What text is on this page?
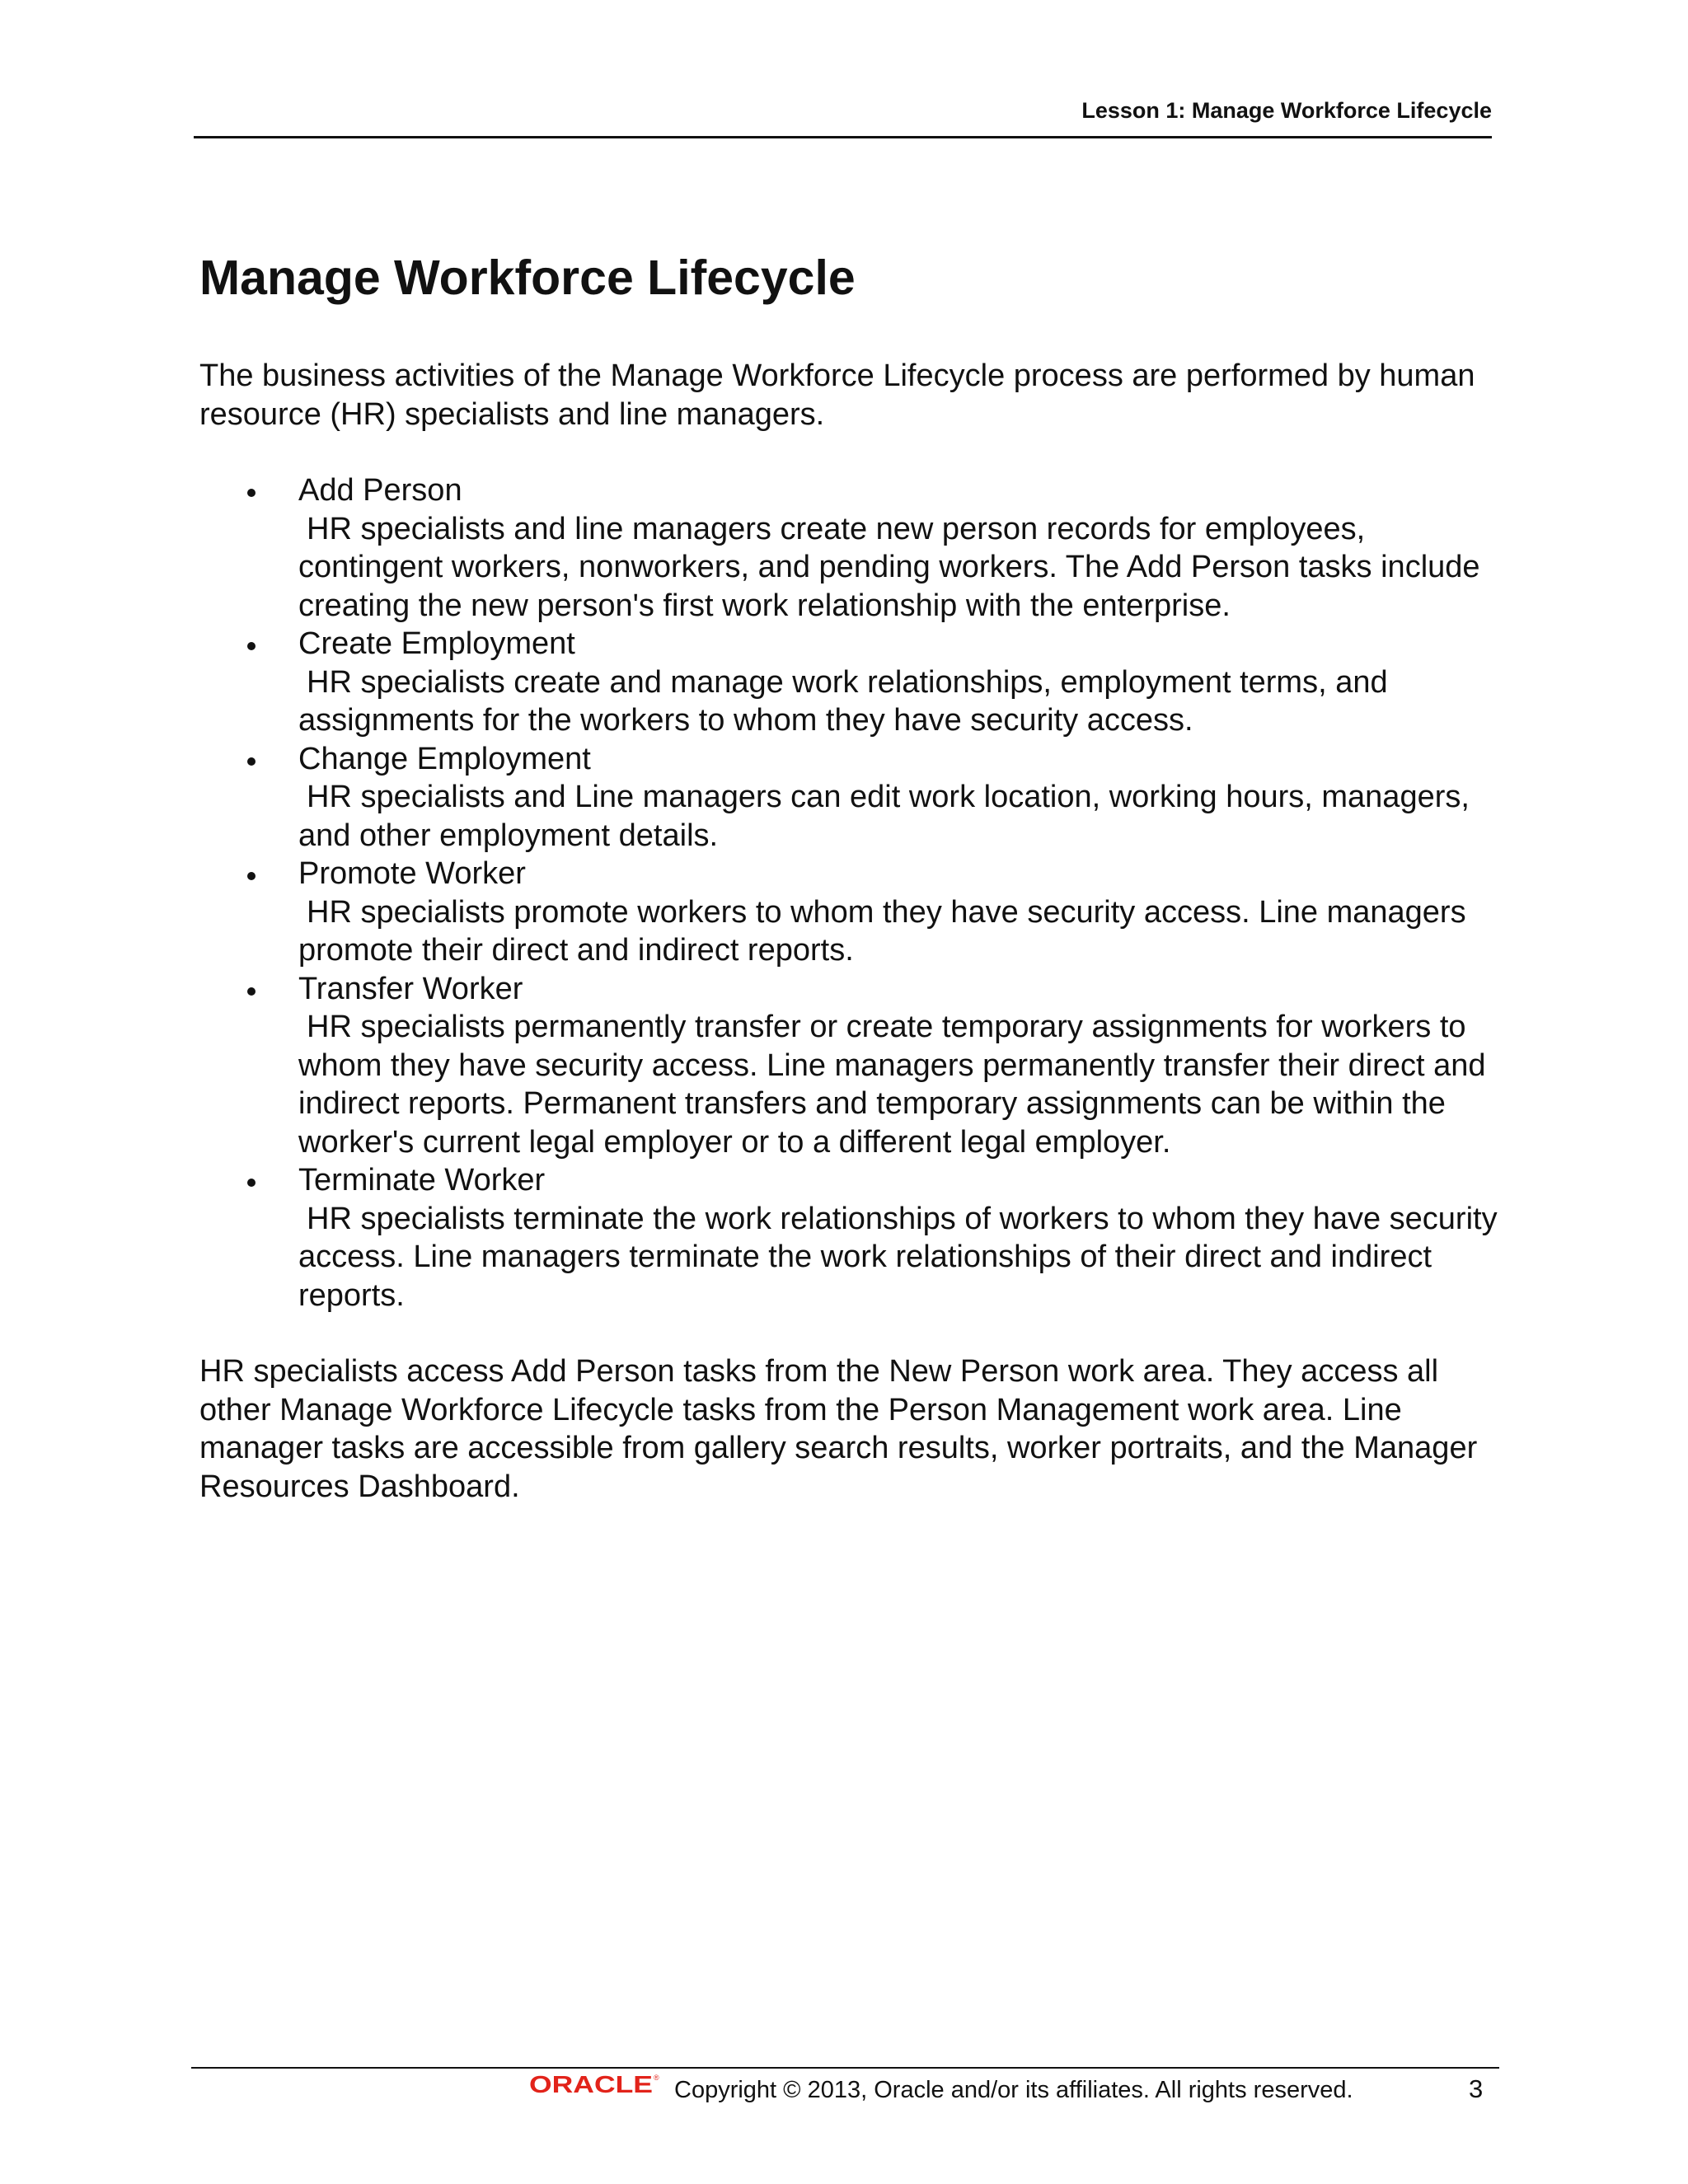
Lesson 1: Manage Workforce Lifecycle
Manage Workforce Lifecycle

The business activities of the Manage Workforce Lifecycle process are performed by human resource (HR) specialists and line managers.

Add Person
HR specialists and line managers create new person records for employees, contingent workers, nonworkers, and pending workers. The Add Person tasks include creating the new person's first work relationship with the enterprise.
Create Employment
HR specialists create and manage work relationships, employment terms, and assignments for the workers to whom they have security access.
Change Employment
HR specialists and Line managers can edit work location, working hours, managers, and other employment details.
Promote Worker
HR specialists promote workers to whom they have security access. Line managers promote their direct and indirect reports.
Transfer Worker
HR specialists permanently transfer or create temporary assignments for workers to whom they have security access. Line managers permanently transfer their direct and indirect reports. Permanent transfers and temporary assignments can be within the worker's current legal employer or to a different legal employer.
Terminate Worker
HR specialists terminate the work relationships of workers to whom they have security access. Line managers terminate the work relationships of their direct and indirect reports.

HR specialists access Add Person tasks from the New Person work area. They access all other Manage Workforce Lifecycle tasks from the Person Management work area. Line manager tasks are accessible from gallery search results, worker portraits, and the Manager Resources Dashboard.

ORACLE ® Copyright © 2013, Oracle and/or its affiliates. All rights reserved.	3
